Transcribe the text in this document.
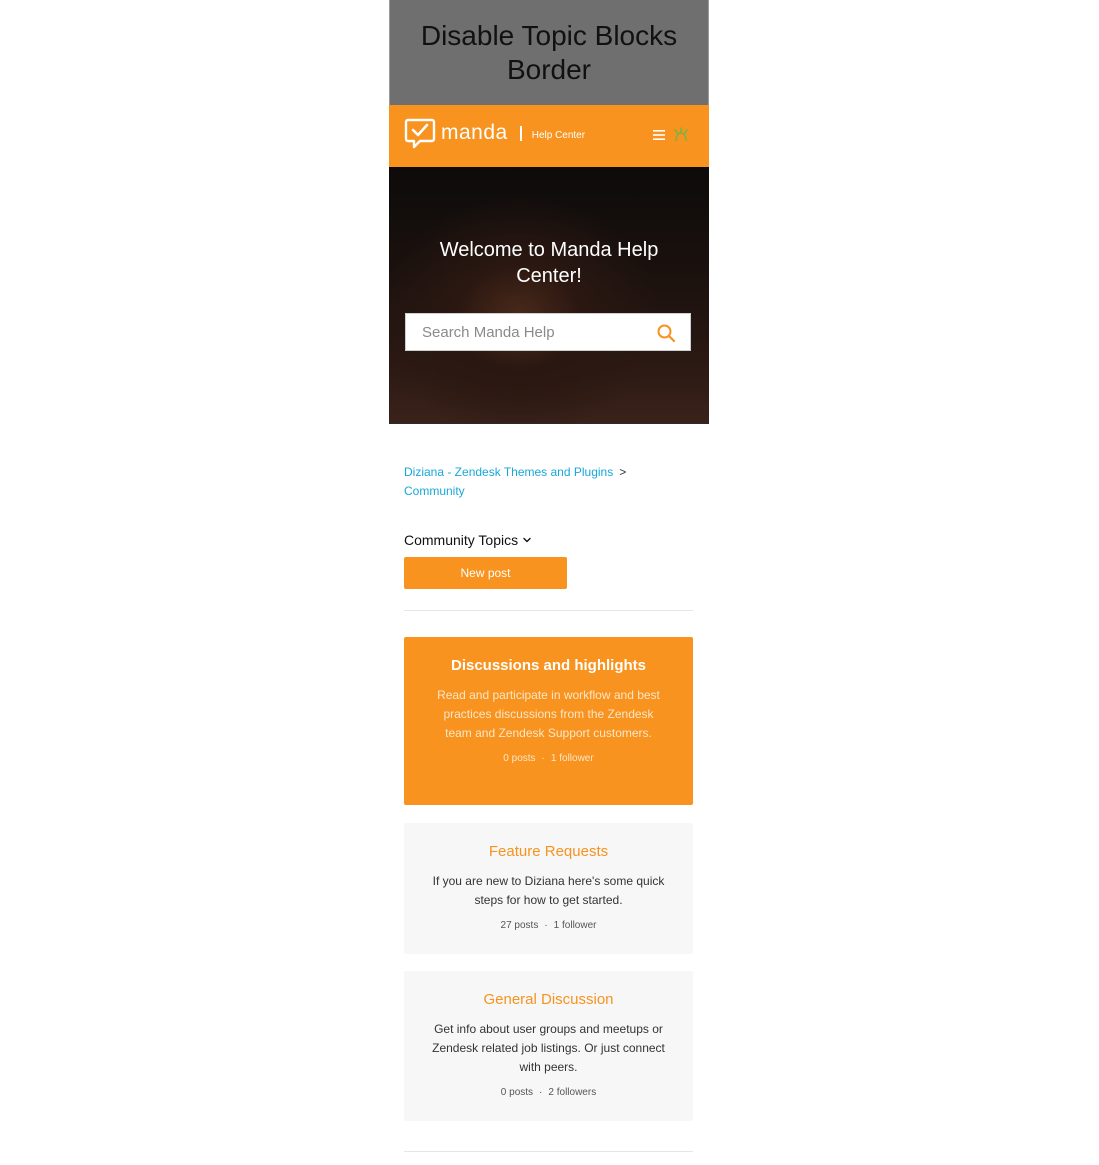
Disable Topic Blocks Border
manda Help Center
Welcome to Manda Help Center!
Search Manda Help
Diziana - Zendesk Themes and Plugins >
Community
Community Topics
New post
Discussions and highlights
Read and participate in workflow and best practices discussions from the Zendesk team and Zendesk Support customers.
0 posts · 1 follower
Feature Requests
If you are new to Diziana here's some quick steps for how to get started.
27 posts · 1 follower
General Discussion
Get info about user groups and meetups or Zendesk related job listings. Or just connect with peers.
0 posts · 2 followers
